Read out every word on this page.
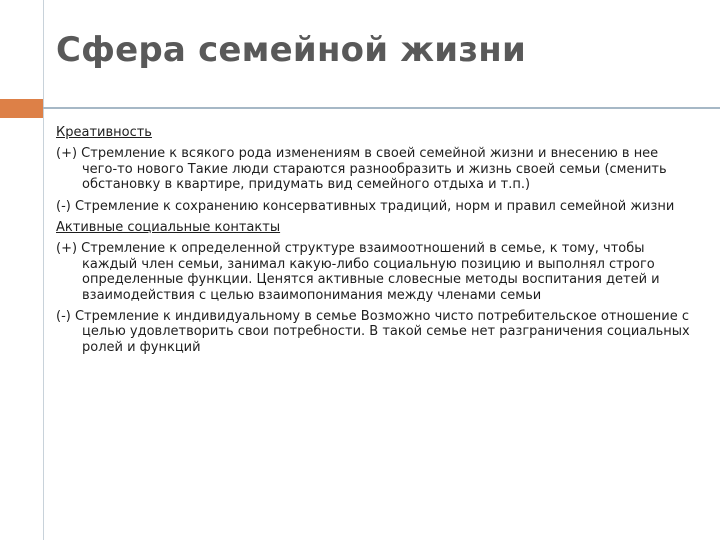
Сфера семейной жизни
Креативность
(+) Стремление к всякого рода изменениям в своей семейной жизни и внесению в нее чего-то нового Такие люди стараются разнообразить и жизнь своей семьи (сменить обстановку в квартире, придумать вид семейного отдыха и т.п.)
(-) Стремление к сохранению консервативных традиций, норм и правил семейной жизни
Активные социальные контакты
(+) Стремление к определенной структуре взаимоотношений в семье, к тому, чтобы каждый член семьи, занимал какую-либо социальную позицию и выполнял строго определенные функции. Ценятся активные словесные методы воспитания детей и взаимодействия с целью взаимопонимания между членами семьи
(-) Стремление к индивидуальному в семье Возможно чисто потребительское отношение с целью удовлетворить свои потребности. В такой семье нет разграничения социальных ролей и функций
